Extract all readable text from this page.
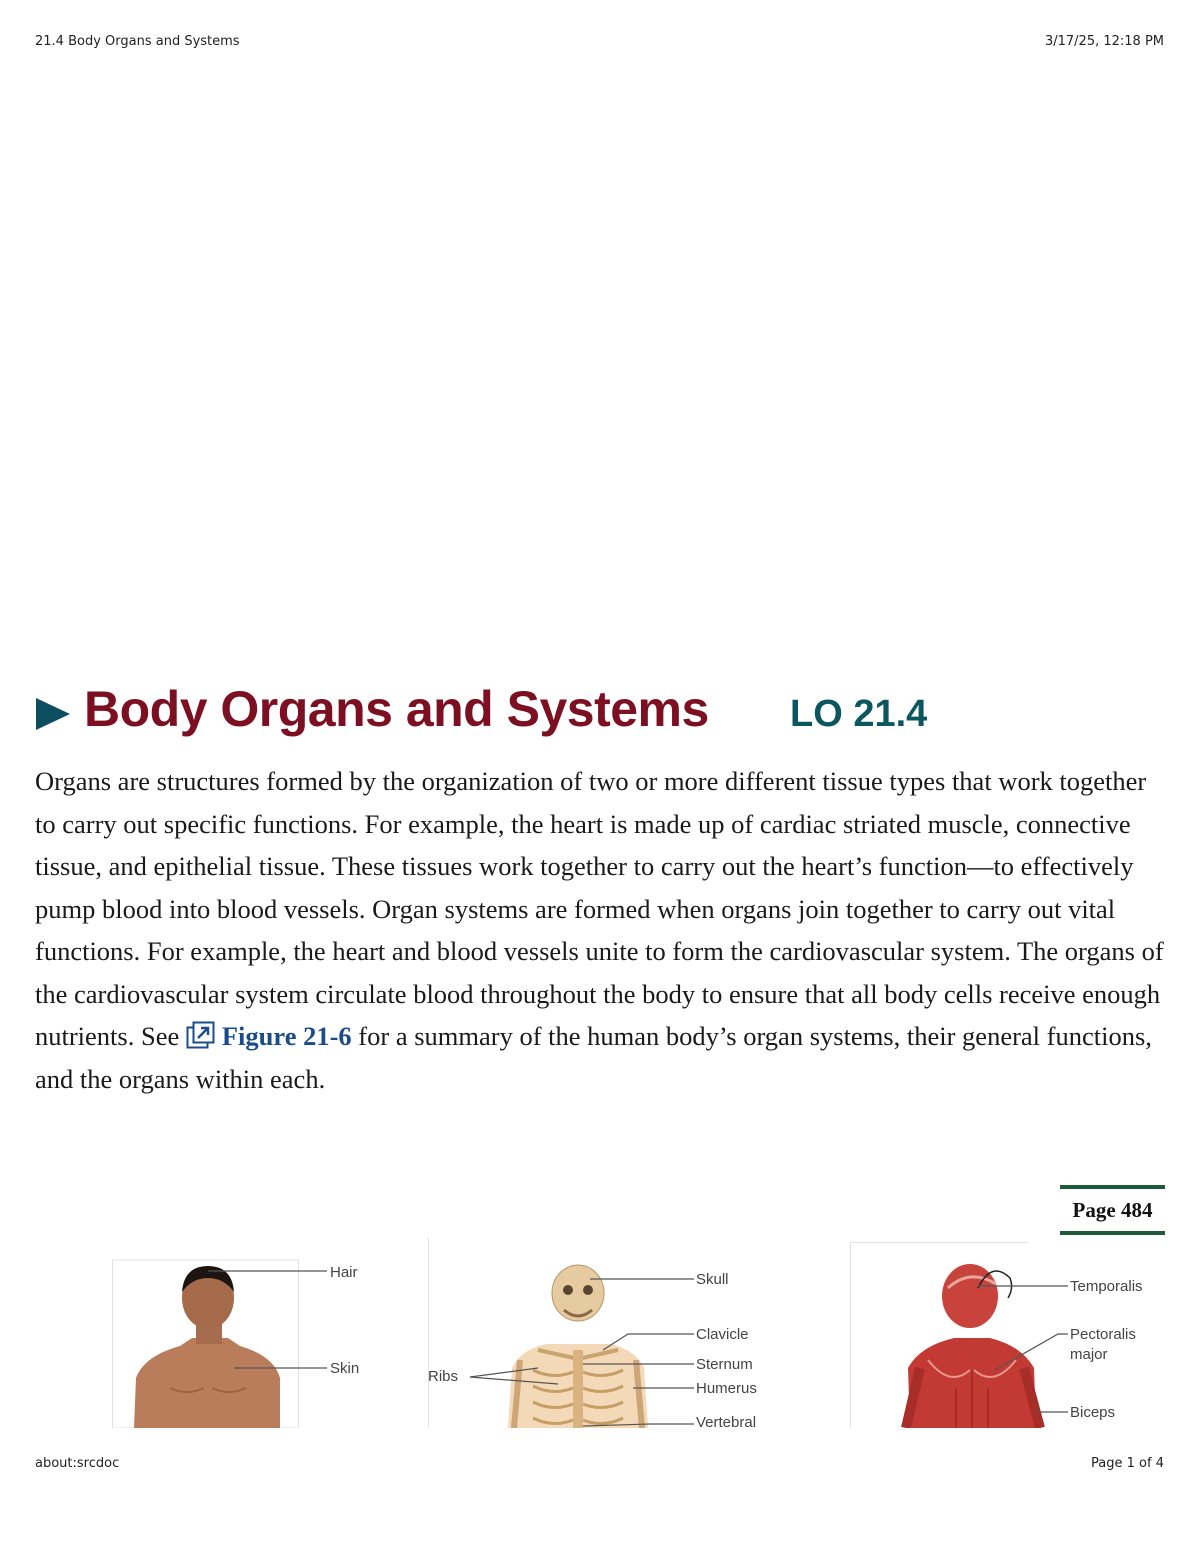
21.4 Body Organs and Systems	3/17/25, 12:18 PM
Body Organs and Systems LO 21.4

Organs are structures formed by the organization of two or more different tissue types that work together to carry out specific functions. For example, the heart is made up of cardiac striated muscle, connective tissue, and epithelial tissue. These tissues work together to carry out the heart’s function—to effectively pump blood into blood vessels. Organ systems are formed when organs join together to carry out vital functions. For example, the heart and blood vessels unite to form the cardiovascular system. The organs of the cardiovascular system circulate blood throughout the body to ensure that all body cells receive enough nutrients. See Figure 21-6 for a summary of the human body’s organ systems, their general functions, and the organs within each.

Page 484
Hair
Skin
Skull
Clavicle
Sternum
Humerus
Ribs
Vertebral
Temporalis
Pectoralis
major
Biceps
about:srcdoc	Page 1 of 4
